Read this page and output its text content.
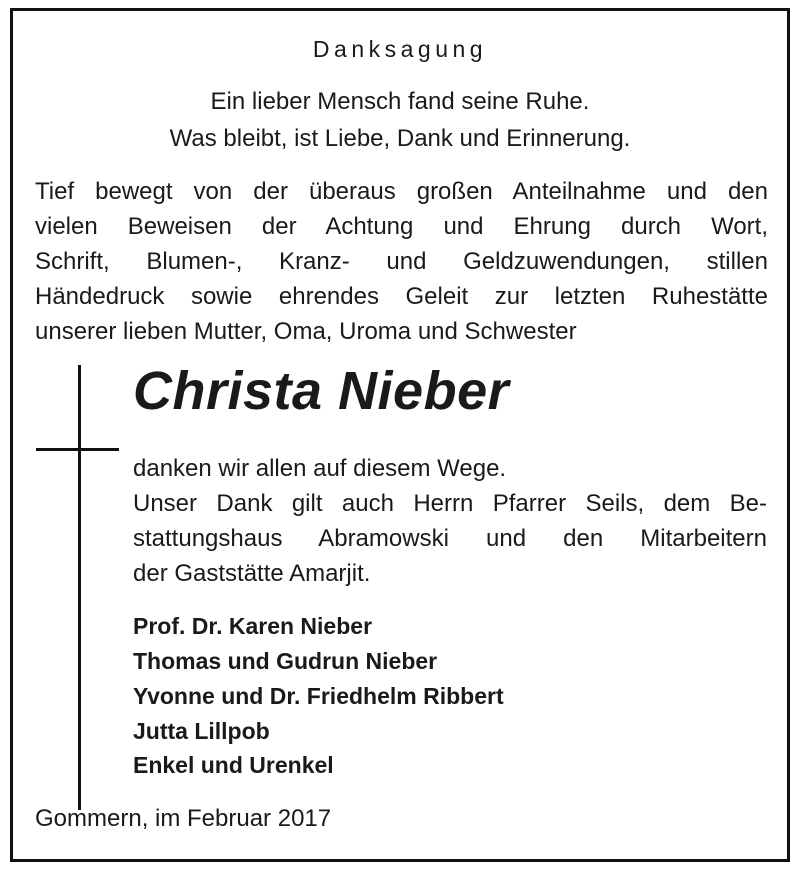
Danksagung
Ein lieber Mensch fand seine Ruhe.
Was bleibt, ist Liebe, Dank und Erinnerung.
Tief bewegt von der überaus großen Anteilnahme und den
vielen Beweisen der Achtung und Ehrung durch Wort,
Schrift, Blumen-, Kranz- und Geldzuwendungen, stillen
Händedruck sowie ehrendes Geleit zur letzten Ruhestätte
unserer lieben Mutter, Oma, Uroma und Schwester
Christa Nieber
danken wir allen auf diesem Wege.
Unser Dank gilt auch Herrn Pfarrer Seils, dem Be-
stattungshaus Abramowski und den Mitarbeitern
der Gaststätte Amarjit.
Prof. Dr. Karen Nieber
Thomas und Gudrun Nieber
Yvonne und Dr. Friedhelm Ribbert
Jutta Lillpob
Enkel und Urenkel
Gommern, im Februar 2017
